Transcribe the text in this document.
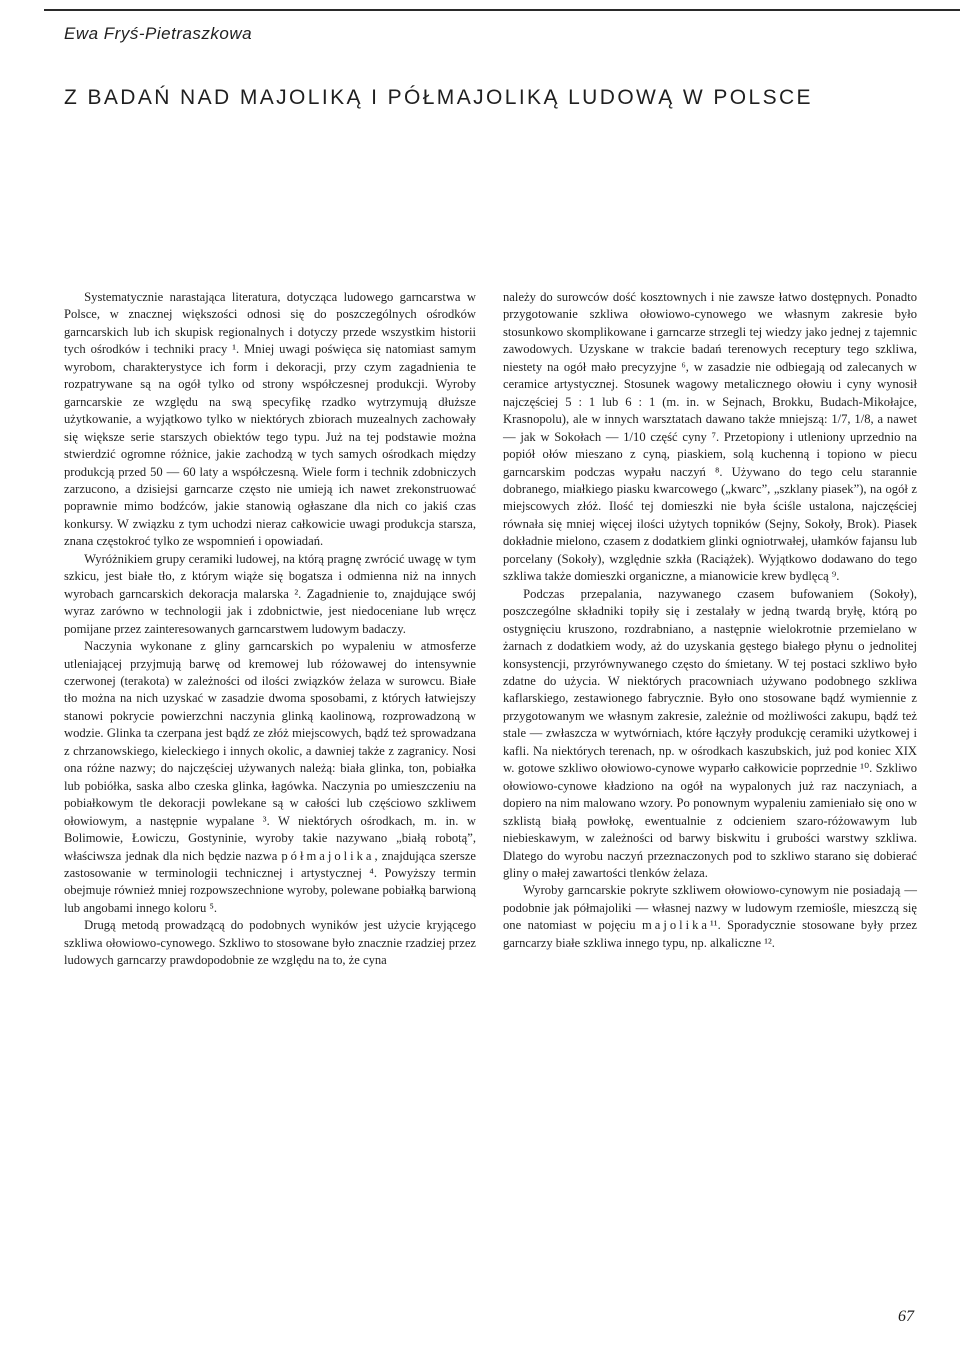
Ewa Fryś-Pietraszkowa
Z BADAŃ NAD MAJOLIKĄ I PÓŁMAJOLIKĄ LUDOWĄ W POLSCE

Systematycznie narastająca literatura, dotycząca ludowego garncarstwa w Polsce, w znacznej większości odnosi się do poszczególnych ośrodków garncarskich lub ich skupisk regionalnych i dotyczy przede wszystkim historii tych ośrodków i techniki pracy ¹. Mniej uwagi poświęca się natomiast samym wyrobom, charakterystyce ich form i dekoracji, przy czym zagadnienia te rozpatrywane są na ogół tylko od strony współczesnej produkcji. Wyroby garncarskie ze względu na swą specyfikę rzadko wytrzymują dłuższe użytkowanie, a wyjątkowo tylko w niektórych zbiorach muzealnych zachowały się większe serie starszych obiektów tego typu. Już na tej podstawie można stwierdzić ogromne różnice, jakie zachodzą w tych samych ośrodkach między produkcją przed 50 — 60 laty a współczesną. Wiele form i technik zdobniczych zarzucono, a dzisiejsi garncarze często nie umieją ich nawet zrekonstruować poprawnie mimo bodźców, jakie stanowią ogłaszane dla nich co jakiś czas konkursy. W związku z tym uchodzi nieraz całkowicie uwagi produkcja starsza, znana częstokroć tylko ze wspomnień i opowiadań.

Wyróżnikiem grupy ceramiki ludowej, na którą pragnę zwrócić uwagę w tym szkicu, jest białe tło, z którym wiąże się bogatsza i odmienna niż na innych wyrobach garncarskich dekoracja malarska ². Zagadnienie to, znajdujące swój wyraz zarówno w technologii jak i zdobnictwie, jest niedoceniane lub wręcz pomijane przez zainteresowanych garncarstwem ludowym badaczy.

Naczynia wykonane z gliny garncarskich po wypaleniu w atmosferze utleniającej przyjmują barwę od kremowej lub różowawej do intensywnie czerwonej (terakota) w zależności od ilości związków żelaza w surowcu. Białe tło można na nich uzyskać w zasadzie dwoma sposobami, z których łatwiejszy stanowi pokrycie powierzchni naczynia glinką kaolinową, rozprowadzoną w wodzie. Glinka ta czerpana jest bądź ze złóż miejscowych, bądź też sprowadzana z chrzanowskiego, kieleckiego i innych okolic, a dawniej także z zagranicy. Nosi ona różne nazwy; do najczęściej używanych należą: biała glinka, ton, pobiałka lub pobiółka, saska albo czeska glinka, łagówka. Naczynia po umieszczeniu na pobiałkowym tle dekoracji powlekane są w całości lub częściowo szkliwem ołowiowym, a następnie wypalane ³. W niektórych ośrodkach, m. in. w Bolimowie, Łowiczu, Gostyninie, wyroby takie nazywano „białą robotą”, właściwsza jednak dla nich będzie nazwa półmajolika, znajdująca szersze zastosowanie w terminologii technicznej i artystycznej ⁴. Powyższy termin obejmuje również mniej rozpowszechnione wyroby, polewane pobiałką barwioną lub angobami innego koloru ⁵.

Drugą metodą prowadzącą do podobnych wyników jest użycie kryjącego szkliwa ołowiowo-cynowego. Szkliwo to stosowane było znacznie rzadziej przez ludowych garncarzy prawdopodobnie ze względu na to, że cyna

należy do surowców dość kosztownych i nie zawsze łatwo dostępnych. Ponadto przygotowanie szkliwa ołowiowo-cynowego we własnym zakresie było stosunkowo skomplikowane i garncarze strzegli tej wiedzy jako jednej z tajemnic zawodowych. Uzyskane w trakcie badań terenowych receptury tego szkliwa, niestety na ogół mało precyzyjne ⁶, w zasadzie nie odbiegają od zalecanych w ceramice artystycznej. Stosunek wagowy metalicznego ołowiu i cyny wynosił najczęściej 5 : 1 lub 6 : 1 (m. in. w Sejnach, Brokku, Budach-Mikołajce, Krasnopolu), ale w innych warsztatach dawano także mniejszą: 1/7, 1/8, a nawet — jak w Sokołach — 1/10 część cyny ⁷. Przetopiony i utleniony uprzednio na popiół ołów mieszano z cyną, piaskiem, solą kuchenną i topiono w piecu garncarskim podczas wypału naczyń ⁸. Używano do tego celu starannie dobranego, miałkiego piasku kwarcowego („kwarc”, „szklany piasek”), na ogół z miejscowych złóż. Ilość tej domieszki nie była ściśle ustalona, najczęściej równała się mniej więcej ilości użytych topników (Sejny, Sokoły, Brok). Piasek dokładnie mielono, czasem z dodatkiem glinki ogniotrwałej, ułamków fajansu lub porcelany (Sokoły), względnie szkła (Raciążek). Wyjątkowo dodawano do tego szkliwa także domieszki organiczne, a mianowicie krew bydlęcą ⁹.

Podczas przepalania, nazywanego czasem bufowaniem (Sokoły), poszczególne składniki topiły się i zestalały w jedną twardą bryłę, którą po ostygnięciu kruszono, rozdrabniano, a następnie wielokrotnie przemielano w żarnach z dodatkiem wody, aż do uzyskania gęstego białego płynu o jednolitej konsystencji, przyrównywanego często do śmietany. W tej postaci szkliwo było zdatne do użycia. W niektórych pracowniach używano podobnego szkliwa kaflarskiego, zestawionego fabrycznie. Było ono stosowane bądź wymiennie z przygotowanym we własnym zakresie, zależnie od możliwości zakupu, bądź też stale — zwłaszcza w wytwórniach, które łączyły produkcję ceramiki użytkowej i kafli. Na niektórych terenach, np. w ośrodkach kaszubskich, już pod koniec XIX w. gotowe szkliwo ołowiowo-cynowe wyparło całkowicie poprzednie ¹⁰. Szkliwo ołowiowo-cynowe kładziono na ogół na wypalonych już raz naczyniach, a dopiero na nim malowano wzory. Po ponownym wypaleniu zamieniało się ono w szklistą białą powłokę, ewentualnie z odcieniem szaro-różowawym lub niebieskawym, w zależności od barwy biskwitu i grubości warstwy szkliwa. Dlatego do wyrobu naczyń przeznaczonych pod to szkliwo starano się dobierać gliny o małej zawartości tlenków żelaza.

Wyroby garncarskie pokryte szkliwem ołowiowo-cynowym nie posiadają — podobnie jak półmajoliki — własnej nazwy w ludowym rzemiośle, mieszczą się one natomiast w pojęciu majolika¹¹. Sporadycznie stosowane były przez garncarzy białe szkliwa innego typu, np. alkaliczne ¹².

67
